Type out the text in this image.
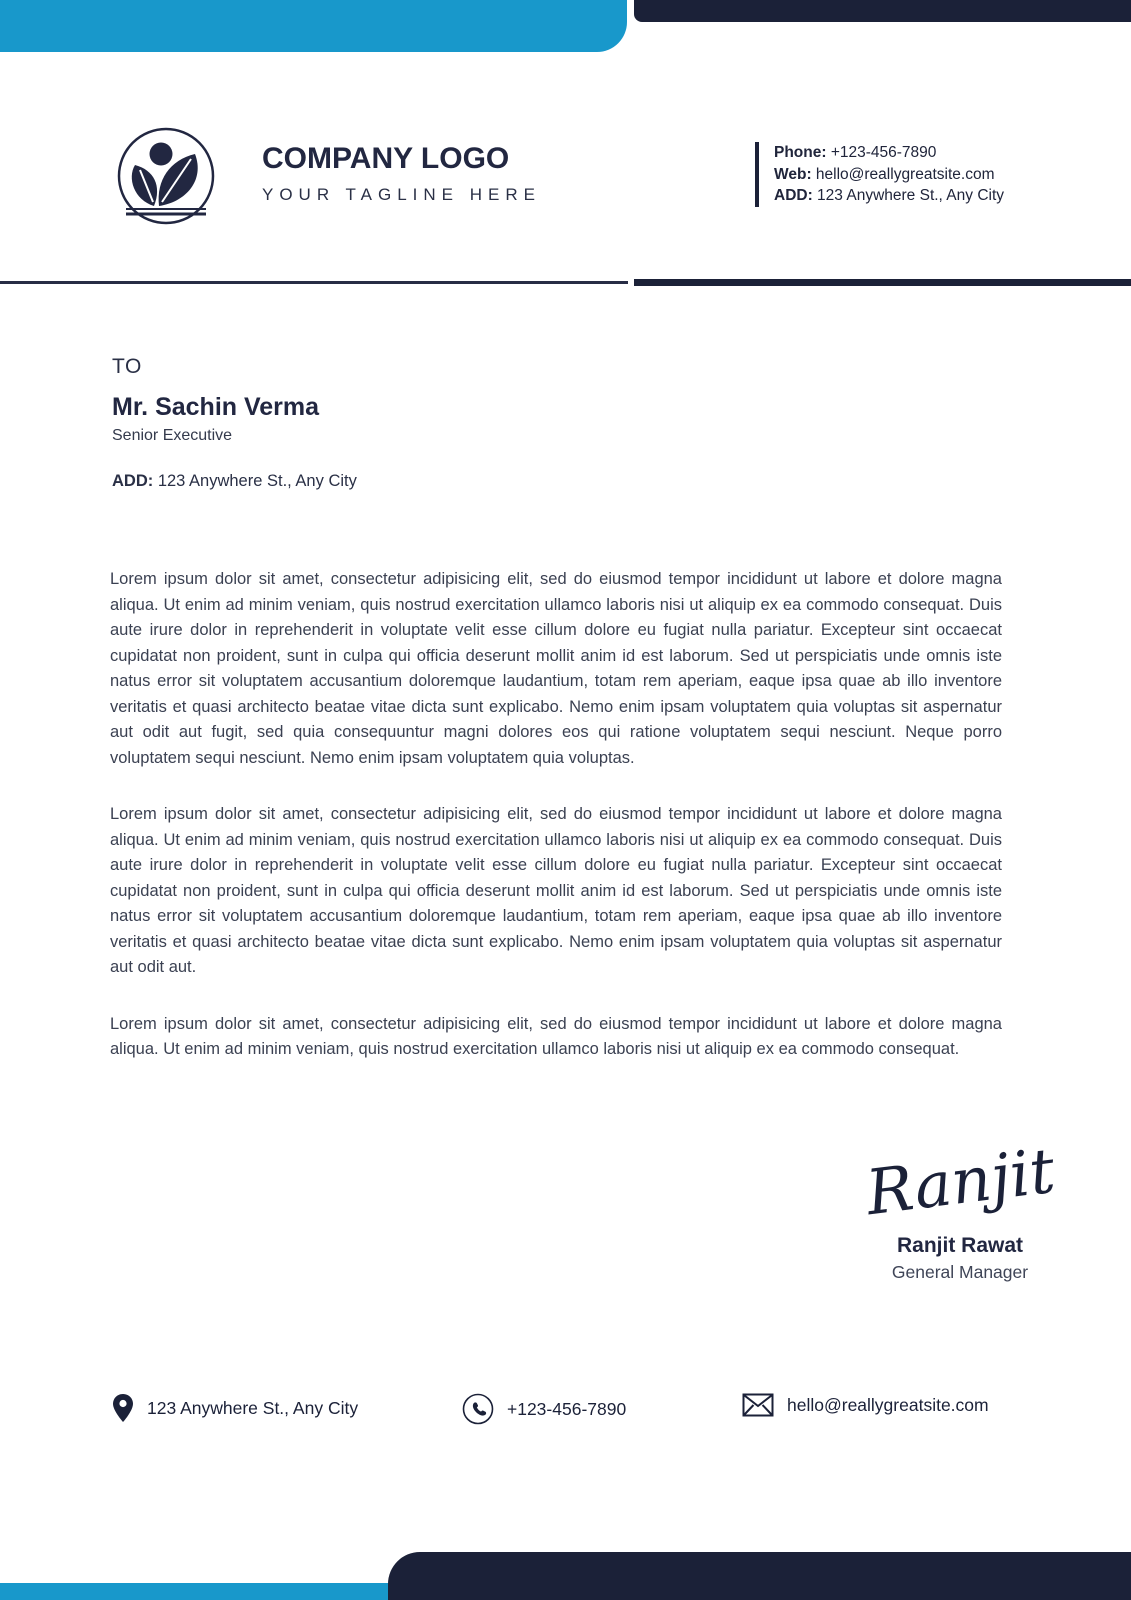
COMPANY LOGO
YOUR TAGLINE HERE
Phone: +123-456-7890
Web: hello@reallygreatsite.com
ADD: 123 Anywhere St., Any City
TO
Mr. Sachin Verma
Senior Executive
ADD: 123 Anywhere St., Any City

Lorem ipsum dolor sit amet, consectetur adipisicing elit, sed do eiusmod tempor incididunt ut labore et dolore magna aliqua. Ut enim ad minim veniam, quis nostrud exercitation ullamco laboris nisi ut aliquip ex ea commodo consequat. Duis aute irure dolor in reprehenderit in voluptate velit esse cillum dolore eu fugiat nulla pariatur. Excepteur sint occaecat cupidatat non proident, sunt in culpa qui officia deserunt mollit anim id est laborum. Sed ut perspiciatis unde omnis iste natus error sit voluptatem accusantium doloremque laudantium, totam rem aperiam, eaque ipsa quae ab illo inventore veritatis et quasi architecto beatae vitae dicta sunt explicabo. Nemo enim ipsam voluptatem quia voluptas sit aspernatur aut odit aut fugit, sed quia consequuntur magni dolores eos qui ratione voluptatem sequi nesciunt. Neque porro voluptatem sequi nesciunt. Nemo enim ipsam voluptatem quia voluptas.

Lorem ipsum dolor sit amet, consectetur adipisicing elit, sed do eiusmod tempor incididunt ut labore et dolore magna aliqua. Ut enim ad minim veniam, quis nostrud exercitation ullamco laboris nisi ut aliquip ex ea commodo consequat. Duis aute irure dolor in reprehenderit in voluptate velit esse cillum dolore eu fugiat nulla pariatur. Excepteur sint occaecat cupidatat non proident, sunt in culpa qui officia deserunt mollit anim id est laborum. Sed ut perspiciatis unde omnis iste natus error sit voluptatem accusantium doloremque laudantium, totam rem aperiam, eaque ipsa quae ab illo inventore veritatis et quasi architecto beatae vitae dicta sunt explicabo. Nemo enim ipsam voluptatem quia voluptas sit aspernatur aut odit aut.

Lorem ipsum dolor sit amet, consectetur adipisicing elit, sed do eiusmod tempor incididunt ut labore et dolore magna aliqua. Ut enim ad minim veniam, quis nostrud exercitation ullamco laboris nisi ut aliquip ex ea commodo consequat.

Ranjit
Ranjit Rawat
General Manager
123 Anywhere St., Any City	+123-456-7890	hello@reallygreatsite.com
